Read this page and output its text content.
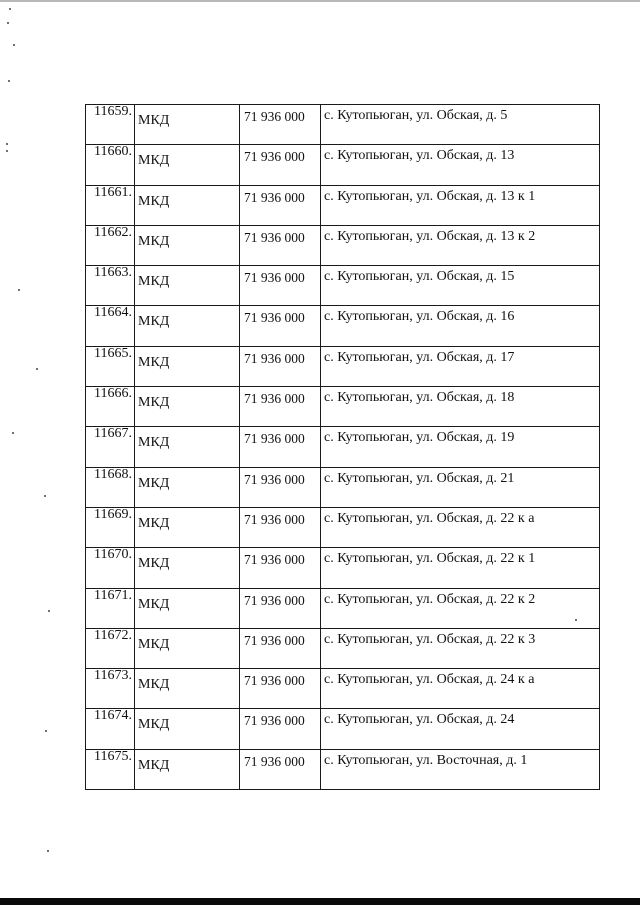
11659.	МКД	71 936 000	с. Кутопьюган, ул. Обская, д. 5
11660.	МКД	71 936 000	с. Кутопьюган, ул. Обская, д. 13
11661.	МКД	71 936 000	с. Кутопьюган, ул. Обская, д. 13 к 1
11662.	МКД	71 936 000	с. Кутопьюган, ул. Обская, д. 13 к 2
11663.	МКД	71 936 000	с. Кутопьюган, ул. Обская, д. 15
11664.	МКД	71 936 000	с. Кутопьюган, ул. Обская, д. 16
11665.	МКД	71 936 000	с. Кутопьюган, ул. Обская, д. 17
11666.	МКД	71 936 000	с. Кутопьюган, ул. Обская, д. 18
11667.	МКД	71 936 000	с. Кутопьюган, ул. Обская, д. 19
11668.	МКД	71 936 000	с. Кутопьюган, ул. Обская, д. 21
11669.	МКД	71 936 000	с. Кутопьюган, ул. Обская, д. 22 к а
11670.	МКД	71 936 000	с. Кутопьюган, ул. Обская, д. 22 к 1
11671.	МКД	71 936 000	с. Кутопьюган, ул. Обская, д. 22 к 2
11672.	МКД	71 936 000	с. Кутопьюган, ул. Обская, д. 22 к 3
11673.	МКД	71 936 000	с. Кутопьюган, ул. Обская, д. 24 к а
11674.	МКД	71 936 000	с. Кутопьюган, ул. Обская, д. 24
11675.	МКД	71 936 000	с. Кутопьюган, ул. Восточная, д. 1
